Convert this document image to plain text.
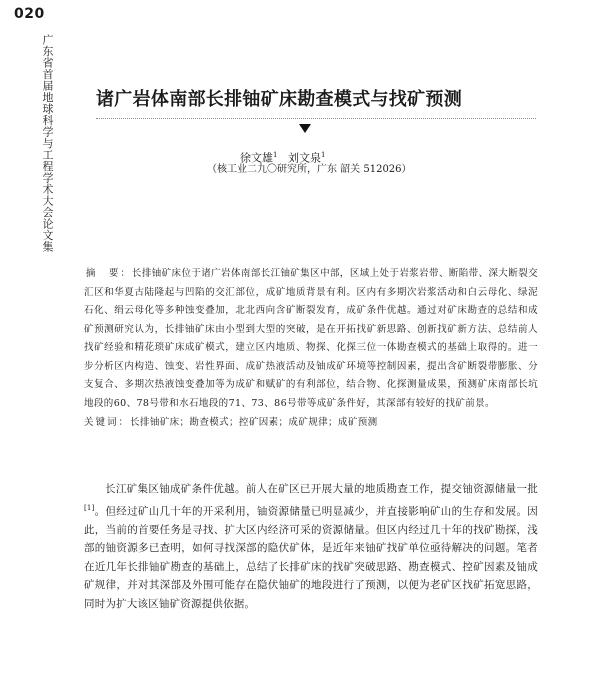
020
广东省首届地球科学与工程学术大会论文集 诸广岩体南部长排铀矿床勘查模式与找矿预测
徐文雄$^1$ 刘文泉$^1$
（核工业二九〇研究所，广东 韶关 512026）
摘　要：长排铀矿床位于诸广岩体南部长江铀矿集区中部，区域上处于岩浆岩带、断陷带、深大断裂交汇区和华夏古陆隆起与凹陷的交汇部位，成矿地质背景有利。区内有多期次岩浆活动和白云母化、绿泥石化、绢云母化等多种蚀变叠加，北北西向含矿断裂发育，成矿条件优越。通过对矿床勘查的总结和成矿预测研究认为，长排铀矿床由小型到大型的突破，是在开拓找矿新思路、创新找矿新方法、总结前人找矿经验和精花琐矿床成矿模式，建立区内地质、物探、化探三位一体勘查模式的基础上取得的。进一步分析区内构造、蚀变、岩性界面、成矿热液活动及铀成矿环境等控制因素，提出含矿断裂带膨胀、分支复合、多期次热液蚀变叠加等为成矿和赋矿的有利部位，结合物、化探测量成果，预测矿床南部长坑地段的60、78号带和水石地段的71、73、86号带等成矿条件好，其深部有较好的找矿前景。
关键词：长排铀矿床；勘查模式；控矿因素；成矿规律；成矿预测
长江矿集区铀成矿条件优越。前人在矿区已开展大量的地质勘查工作，提交铀资源储量一批[1]。但经过矿山几十年的开采利用，铀资源储量已明显减少，并直接影响矿山的生存和发展。因此，当前的首要任务是寻找、扩大区内经济可采的资源储量。但区内经过几十年的找矿勘探，浅部的铀资源多已查明，如何寻找深部的隐伏矿体，是近年来铀矿找矿单位亟待解决的问题。笔者在近几年长排铀矿勘查的基础上，总结了长排矿床的找矿突破思路、勘查模式、控矿因素及铀成矿规律，并对其深部及外围可能存在隐伏铀矿的地段进行了预测，以便为老矿区找矿拓宽思路，同时为扩大该区铀矿资源提供依据。
